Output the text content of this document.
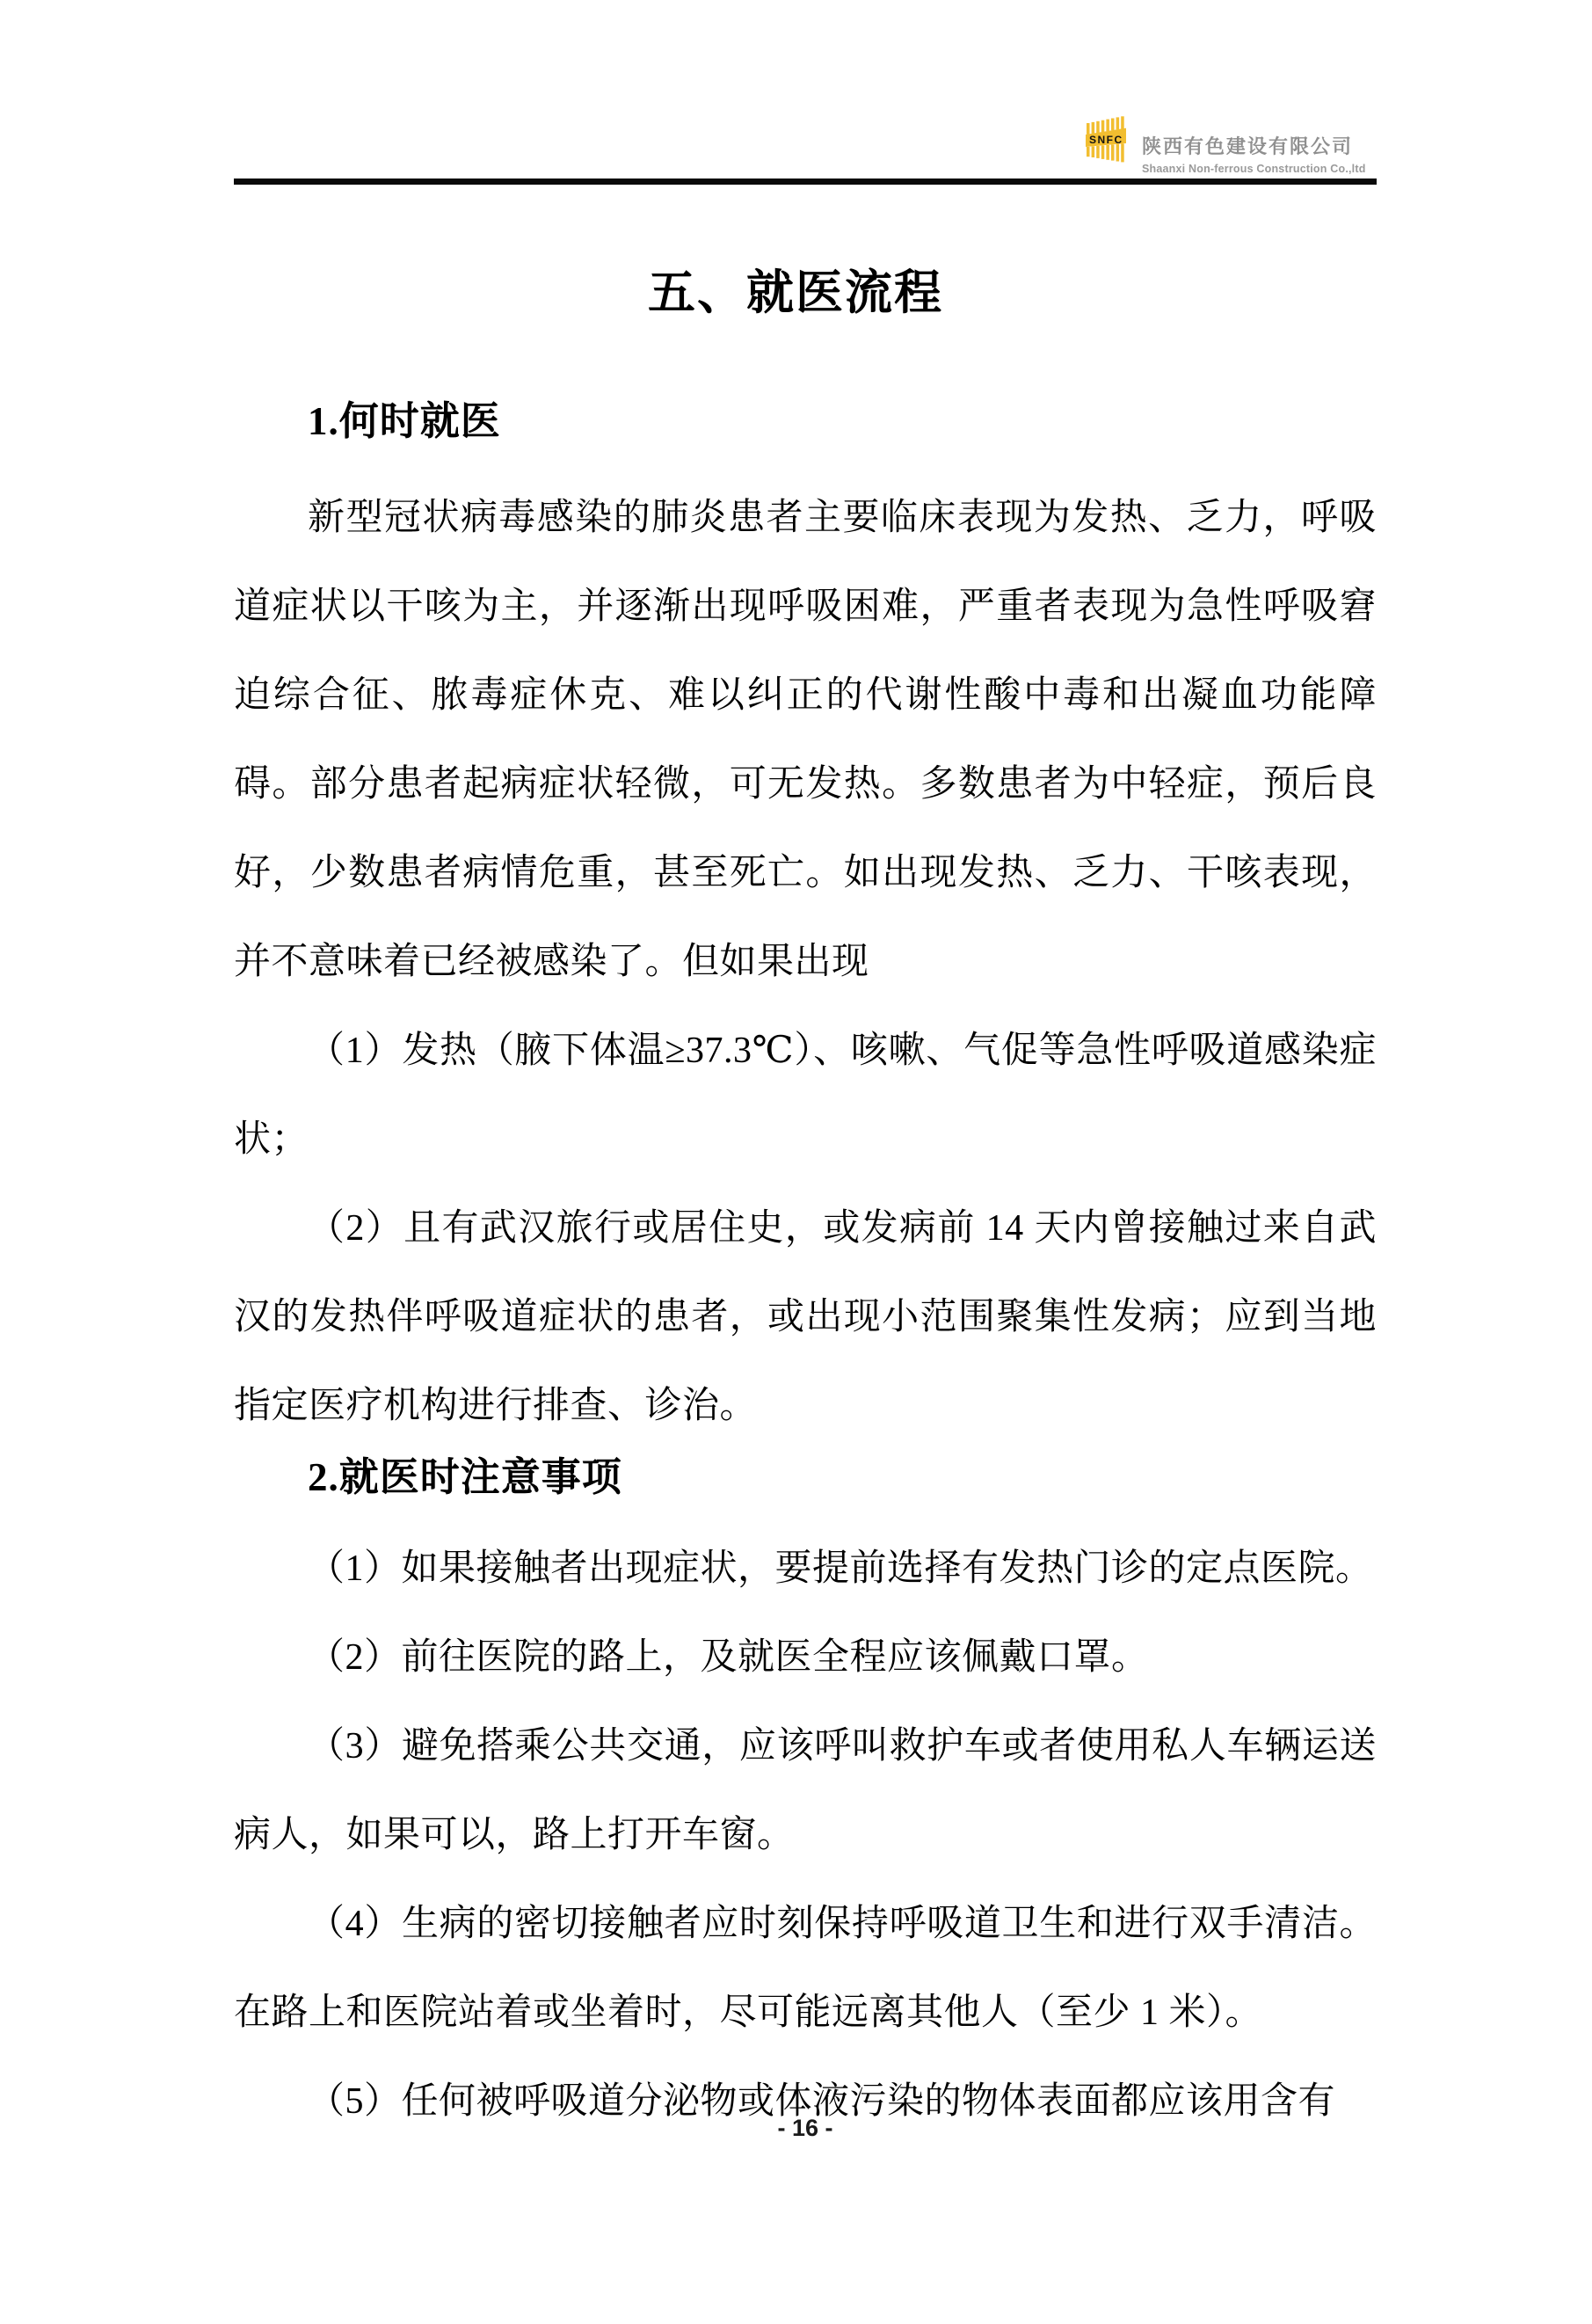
SNFC 陕西有色建设有限公司
Shaanxi Non-ferrous Construction Co.,ltd
五、就医流程
1.何时就医

新型冠状病毒感染的肺炎患者主要临床表现为发热、乏力，呼吸道症状以干咳为主，并逐渐出现呼吸困难，严重者表现为急性呼吸窘迫综合征、脓毒症休克、难以纠正的代谢性酸中毒和出凝血功能障碍。部分患者起病症状轻微，可无发热。多数患者为中轻症，预后良好，少数患者病情危重，甚至死亡。如出现发热、乏力、干咳表现，并不意味着已经被感染了。但如果出现

（1）发热（腋下体温≥37.3℃）、咳嗽、气促等急性呼吸道感染症状；

（2）且有武汉旅行或居住史，或发病前 14 天内曾接触过来自武汉的发热伴呼吸道症状的患者，或出现小范围聚集性发病；应到当地指定医疗机构进行排查、诊治。

2.就医时注意事项

（1）如果接触者出现症状，要提前选择有发热门诊的定点医院。

（2）前往医院的路上，及就医全程应该佩戴口罩。

（3）避免搭乘公共交通，应该呼叫救护车或者使用私人车辆运送病人，如果可以，路上打开车窗。

（4）生病的密切接触者应时刻保持呼吸道卫生和进行双手清洁。在路上和医院站着或坐着时，尽可能远离其他人（至少 1 米）。

（5）任何被呼吸道分泌物或体液污染的物体表面都应该用含有

- 16 -
